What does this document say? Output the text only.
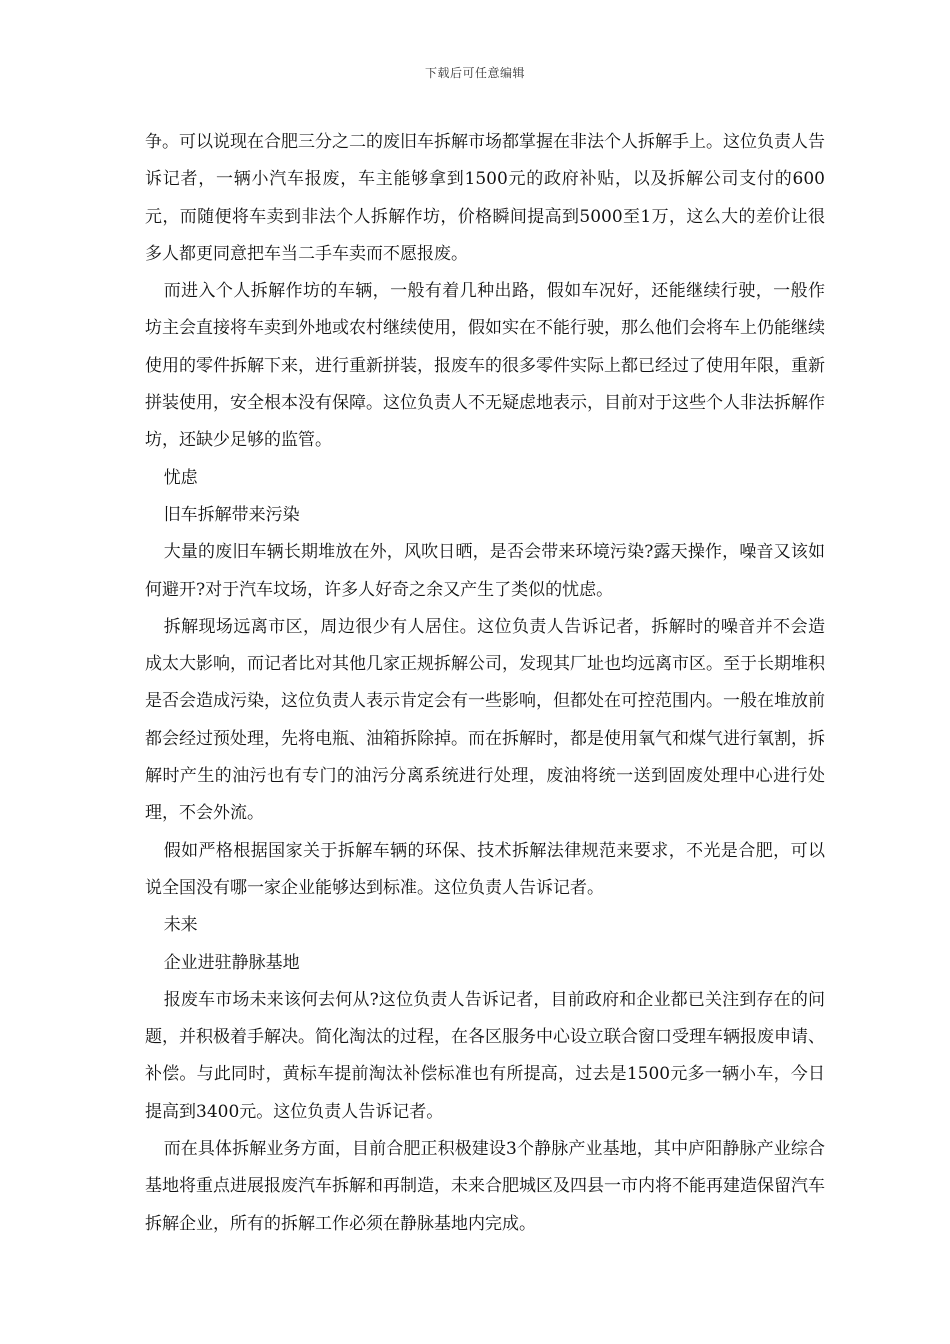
下载后可任意编辑

争。可以说现在合肥三分之二的废旧车拆解市场都掌握在非法个人拆解手上。这位负责人告诉记者，一辆小汽车报废，车主能够拿到1500元的政府补贴，以及拆解公司支付的600元，而随便将车卖到非法个人拆解作坊，价格瞬间提高到5000至1万，这么大的差价让很多人都更同意把车当二手车卖而不愿报废。

而进入个人拆解作坊的车辆，一般有着几种出路，假如车况好，还能继续行驶，一般作坊主会直接将车卖到外地或农村继续使用，假如实在不能行驶，那么他们会将车上仍能继续使用的零件拆解下来，进行重新拼装，报废车的很多零件实际上都已经过了使用年限，重新拼装使用，安全根本没有保障。这位负责人不无疑虑地表示，目前对于这些个人非法拆解作坊，还缺少足够的监管。

忧虑

旧车拆解带来污染

大量的废旧车辆长期堆放在外，风吹日晒，是否会带来环境污染?露天操作，噪音又该如何避开?对于汽车坟场，许多人好奇之余又产生了类似的忧虑。

拆解现场远离市区，周边很少有人居住。这位负责人告诉记者，拆解时的噪音并不会造成太大影响，而记者比对其他几家正规拆解公司，发现其厂址也均远离市区。至于长期堆积是否会造成污染，这位负责人表示肯定会有一些影响，但都处在可控范围内。一般在堆放前都会经过预处理，先将电瓶、油箱拆除掉。而在拆解时，都是使用氧气和煤气进行氧割，拆解时产生的油污也有专门的油污分离系统进行处理，废油将统一送到固废处理中心进行处理，不会外流。

假如严格根据国家关于拆解车辆的环保、技术拆解法律规范来要求，不光是合肥，可以说全国没有哪一家企业能够达到标准。这位负责人告诉记者。

未来

企业进驻静脉基地

报废车市场未来该何去何从?这位负责人告诉记者，目前政府和企业都已关注到存在的问题，并积极着手解决。简化淘汰的过程，在各区服务中心设立联合窗口受理车辆报废申请、补偿。与此同时，黄标车提前淘汰补偿标准也有所提高，过去是1500元多一辆小车，今日提高到3400元。这位负责人告诉记者。

而在具体拆解业务方面，目前合肥正积极建设3个静脉产业基地，其中庐阳静脉产业综合基地将重点进展报废汽车拆解和再制造，未来合肥城区及四县一市内将不能再建造保留汽车拆解企业，所有的拆解工作必须在静脉基地内完成。
